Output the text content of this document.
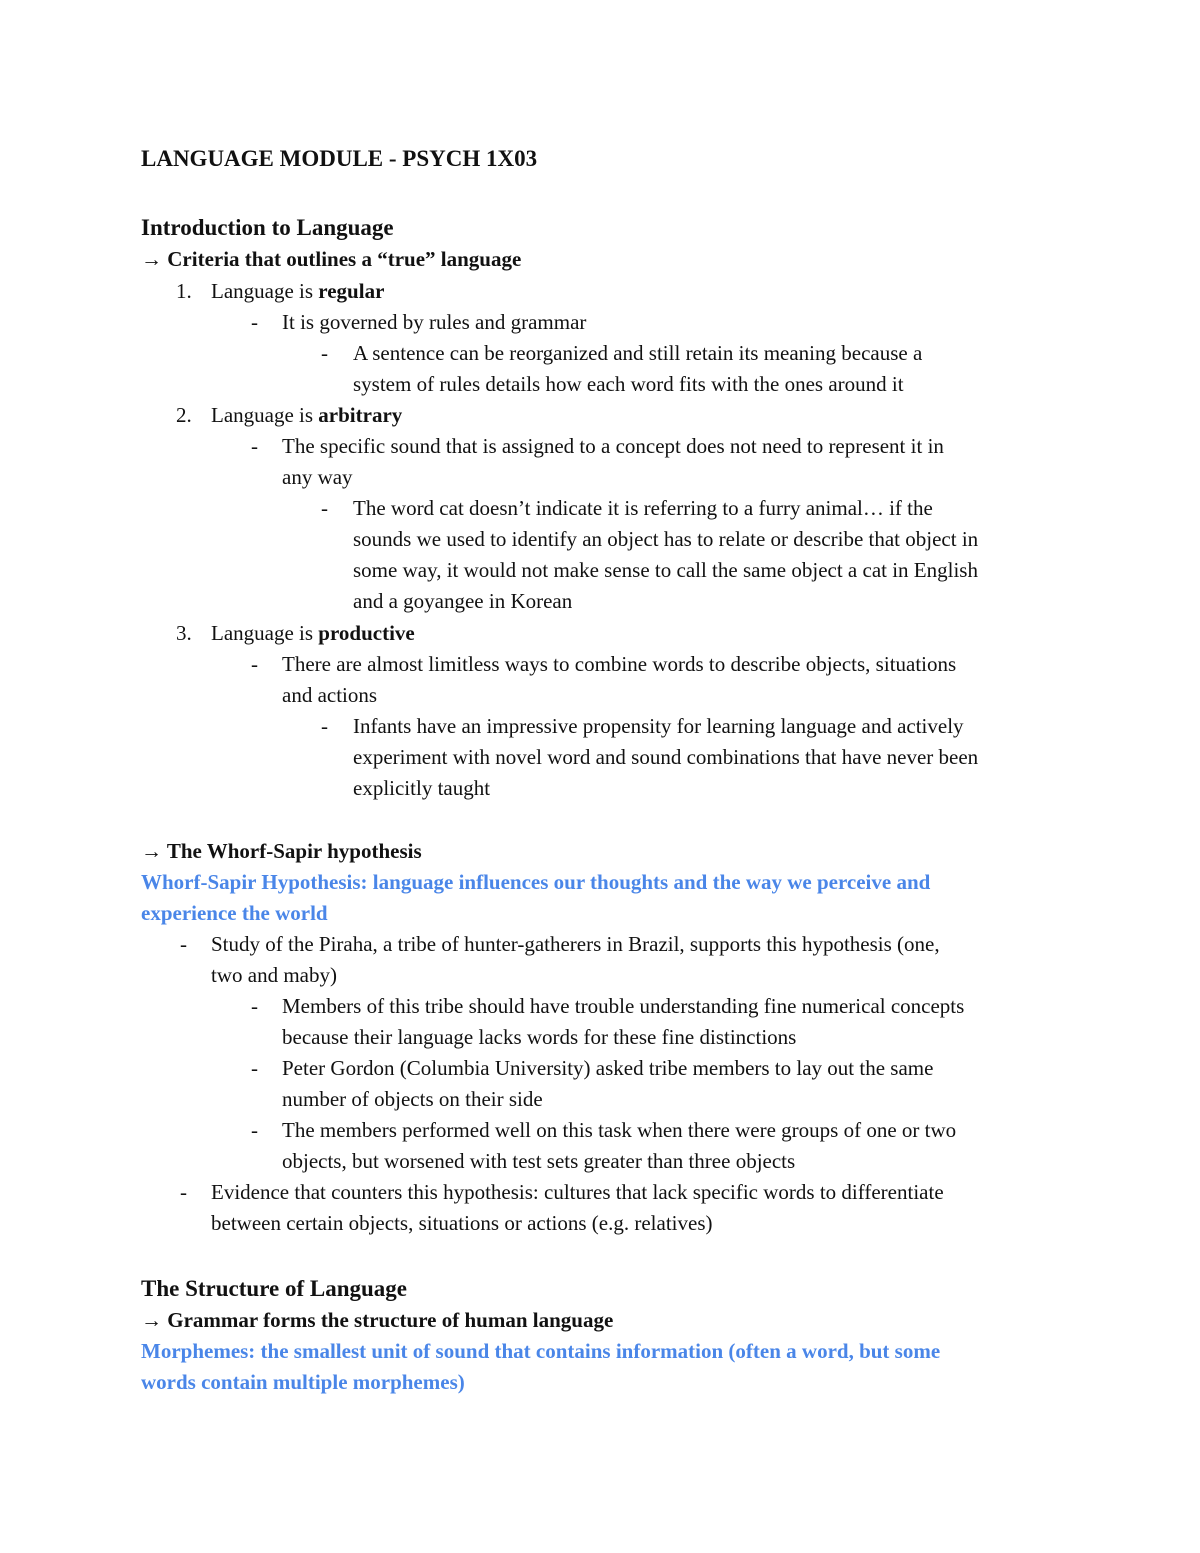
LANGUAGE MODULE - PSYCH 1X03
Introduction to Language
→ Criteria that outlines a “true” language
1. Language is regular
- It is governed by rules and grammar
- A sentence can be reorganized and still retain its meaning because a
system of rules details how each word fits with the ones around it
2. Language is arbitrary
- The specific sound that is assigned to a concept does not need to represent it in
any way
- The word cat doesn’t indicate it is referring to a furry animal… if the
sounds we used to identify an object has to relate or describe that object in
some way, it would not make sense to call the same object a cat in English
and a goyangee in Korean
3. Language is productive
- There are almost limitless ways to combine words to describe objects, situations
and actions
- Infants have an impressive propensity for learning language and actively
experiment with novel word and sound combinations that have never been
explicitly taught
→ The Whorf-Sapir hypothesis
Whorf-Sapir Hypothesis: language influences our thoughts and the way we perceive and
experience the world
- Study of the Piraha, a tribe of hunter-gatherers in Brazil, supports this hypothesis (one,
two and maby)
- Members of this tribe should have trouble understanding fine numerical concepts
because their language lacks words for these fine distinctions
- Peter Gordon (Columbia University) asked tribe members to lay out the same
number of objects on their side
- The members performed well on this task when there were groups of one or two
objects, but worsened with test sets greater than three objects
- Evidence that counters this hypothesis: cultures that lack specific words to differentiate
between certain objects, situations or actions (e.g. relatives)
The Structure of Language
→ Grammar forms the structure of human language
Morphemes: the smallest unit of sound that contains information (often a word, but some
words contain multiple morphemes)
